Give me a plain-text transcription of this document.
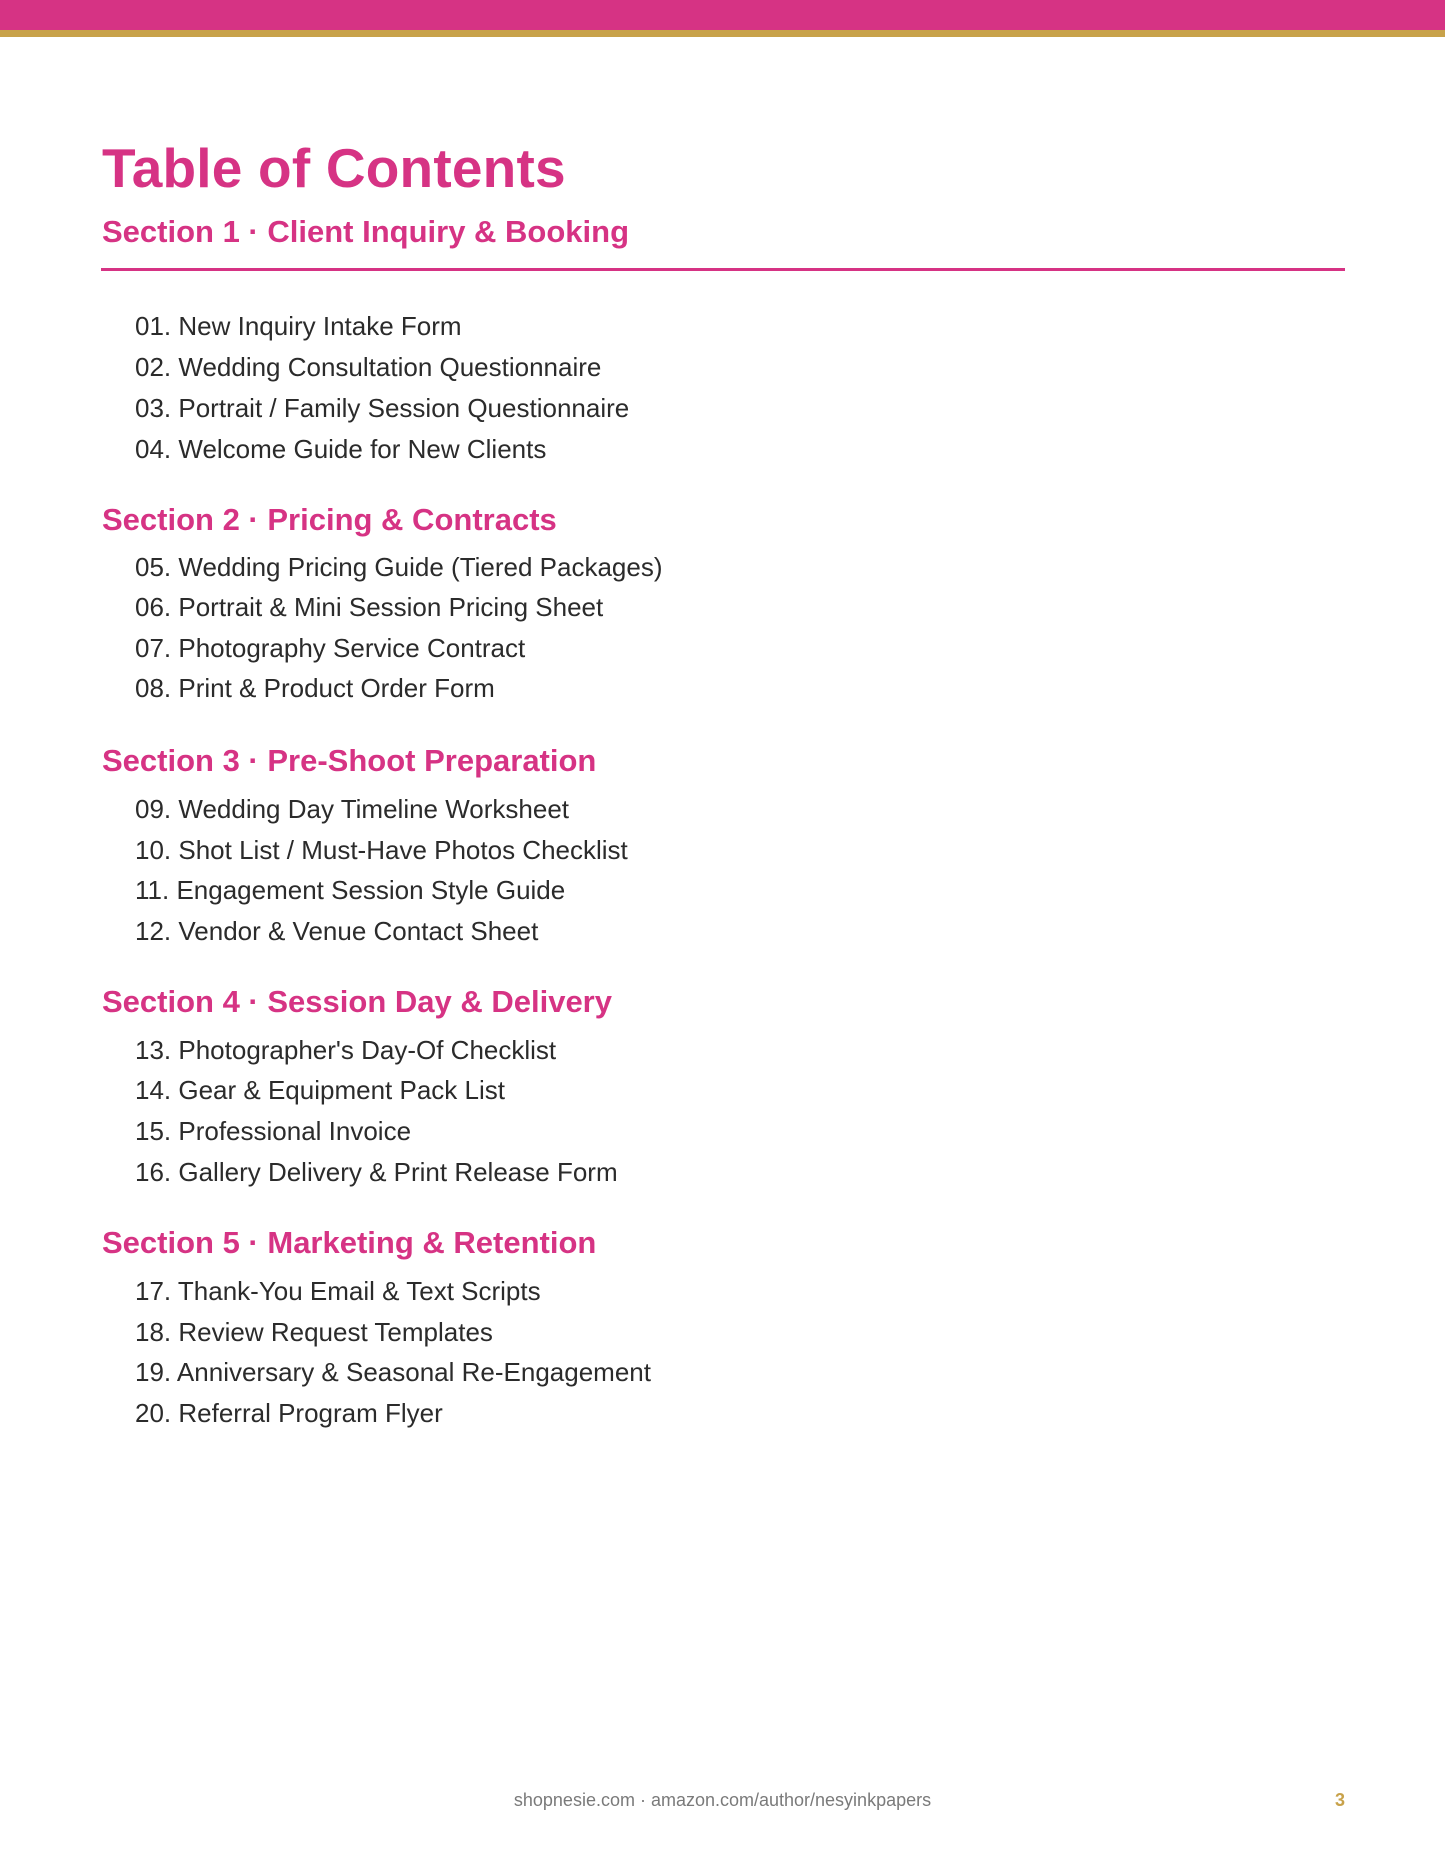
Table of Contents
Section 1 · Client Inquiry & Booking
01. New Inquiry Intake Form
02. Wedding Consultation Questionnaire
03. Portrait / Family Session Questionnaire
04. Welcome Guide for New Clients
Section 2 · Pricing & Contracts
05. Wedding Pricing Guide (Tiered Packages)
06. Portrait & Mini Session Pricing Sheet
07. Photography Service Contract
08. Print & Product Order Form
Section 3 · Pre-Shoot Preparation
09. Wedding Day Timeline Worksheet
10. Shot List / Must-Have Photos Checklist
11. Engagement Session Style Guide
12. Vendor & Venue Contact Sheet
Section 4 · Session Day & Delivery
13. Photographer's Day-Of Checklist
14. Gear & Equipment Pack List
15. Professional Invoice
16. Gallery Delivery & Print Release Form
Section 5 · Marketing & Retention
17. Thank-You Email & Text Scripts
18. Review Request Templates
19. Anniversary & Seasonal Re-Engagement
20. Referral Program Flyer
shopnesie.com · amazon.com/author/nesyinkpapers	3
